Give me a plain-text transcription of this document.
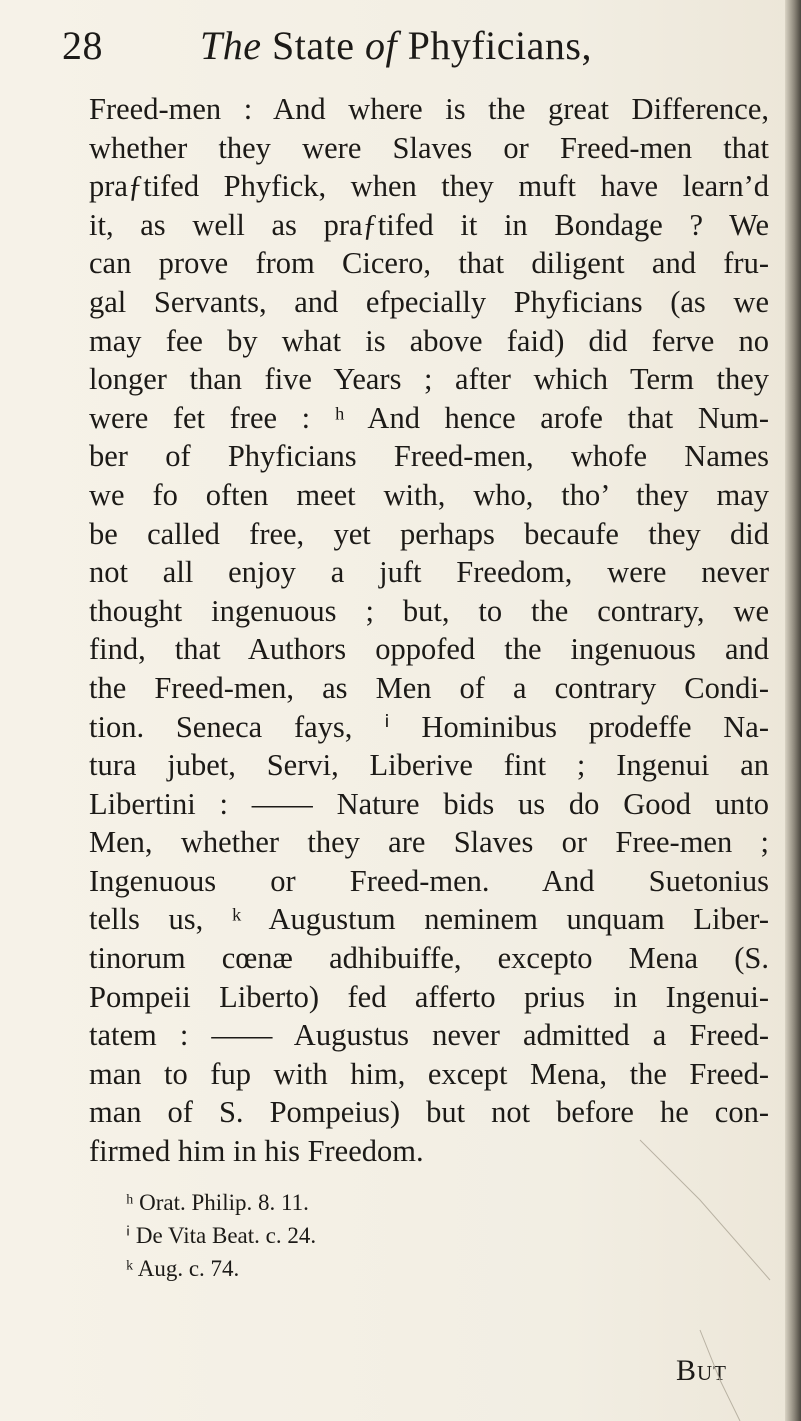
28 The State of Phyficians,
Freed-men : And where is the great Difference,
whether they were Slaves or Freed-men that
praƒtifed Phyfick, when they muft have learn’d
it, as well as praƒtifed it in Bondage ? We
can prove from Cicero, that diligent and fru-
gal Servants, and efpecially Phyficians (as we
may fee by what is above faid) did ferve no
longer than five Years ; after which Term they
were fet free : ʰ And hence arofe that Num-
ber of Phyficians Freed-men, whofe Names
we fo often meet with, who, tho’ they may
be called free, yet perhaps becaufe they did
not all enjoy a juft Freedom, were never
thought ingenuous ; but, to the contrary, we
find, that Authors oppofed the ingenuous and
the Freed-men, as Men of a contrary Condi-
tion. Seneca fays, ⁱ Hominibus prodeffe Na-
tura jubet, Servi, Liberive fint ; Ingenui an
Libertini : —— Nature bids us do Good unto
Men, whether they are Slaves or Free-men ;
Ingenuous or Freed-men. And Suetonius
tells us, ᵏ Augustum neminem unquam Liber-
tinorum cœnæ adhibuiffe, excepto Mena (S.
Pompeii Liberto) fed afferto prius in Ingenui-
tatem : —— Augustus never admitted a Freed-
man to fup with him, except Mena, the Freed-
man of S. Pompeius) but not before he con-
firmed him in his Freedom.
ʰ Orat. Philip. 8. 11.
ⁱ De Vita Beat. c. 24.
ᵏ Aug. c. 74.
But
